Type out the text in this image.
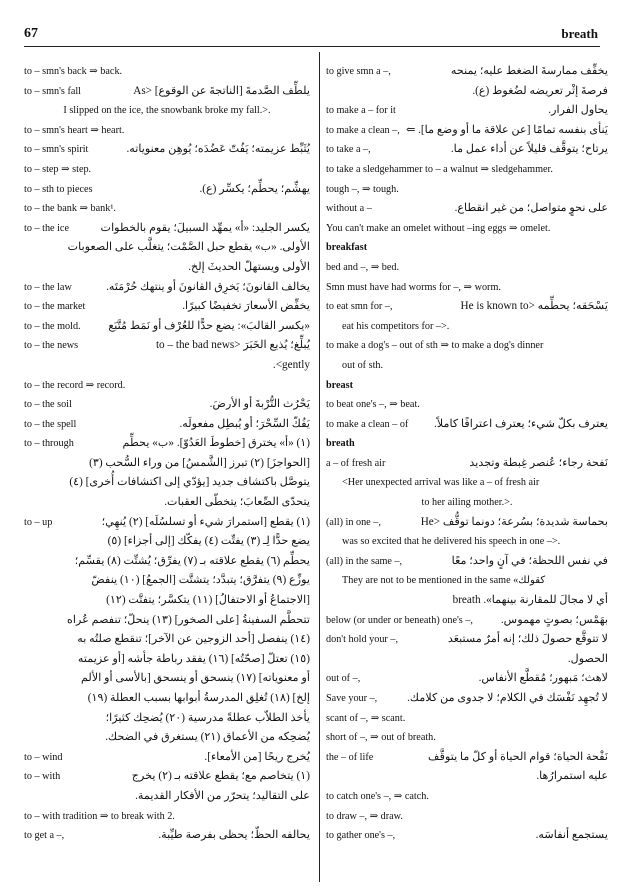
67	breath
to – smn's back ⇒ back.
to – smn's fall	يلطِّف الصَّدمةَ [الناتجةَ عن الوقوع] <As
I slipped on the ice, the snowbank broke my fall.>.
to – smn's heart ⇒ heart.
to – smn's spirit	يُثَبِّط عزيمته؛ يَفُتّ عَضُدَه؛ يُوهِن معنوياته.
to – step ⇒ step.
to – sth to pieces	يهشِّم؛ يحطِّم؛ يكسِّر (ع).
to – the bank ⇒ bank¹.
to – the ice	يكسر الجليد: «أ» يمهِّد السبيلَ؛ يقوم بالخطوات
الأولى. «ب» يقطع حبل الصَّمْت؛ يتغلَّب على الصعوبات
الأولى ويستهلّ الحديثَ إلخ.
to – the law	يخالف القانونَ؛ يَخرِق القانونَ أو ينتهك حُرْمَتَه.
to – the market	يخفِّض الأسعارَ تخفيضًا كبيرًا.
to – the mold. «يكسر القالبَ»: يضع حدًّا للعُرْف أو نَمَط مُتَّبَع
to – the news	يُبلِّغ؛ يُذيع الخَبَرَ <to – the bad news
gently>.
to – the record ⇒ record.
to – the soil	يَحْرُث التُّرْبةَ أو الأرضَ.
to – the spell	يَفُكّ السِّحْرَ؛ أو يُبطِل مفعولَه.
to – through	(١) «أ» يخترق [خطوطَ العَدُوّ]. «ب» يحطِّم
[الحواجزَ] (٢) تبرز [الشَّمسُ] من وراء السُّحب (٣)
يتوصَّل باكتشاف جديد [يؤدّي إلى اكتشافات أُخرى] (٤)
يتحدّى الصِّعابَ؛ يتخطّى العقبات.
to – up	(١) يقطع [استمرارَ شيء أو تسلسُلَه] (٢) يُنهِي؛
يضع حدًّا لِـ (٣) يفتِّت (٤) يفكّك [إلى أجزاء] (٥)
يحطِّم (٦) يقطع علاقته بـ (٧) يفرِّق؛ يُشتِّت (٨) يقسِّم؛
يوزِّع (٩) يتفرَّق؛ يتبدَّد؛ يتشتَّت [الجمعُ] (١٠) ينفضّ
[الاجتماعُ أو الاحتفالُ] (١١) يتكسَّر؛ يتفتَّت (١٢)
تتحطَّم السفينةُ [على الصخور] (١٣) ينحلّ؛ تنفصم عُراه
(١٤) ينفصل [أحد الزوجين عن الآخر]؛ تنقطع صلتُه به
(١٥) تعتلّ [صحّتُه] (١٦) يفقد رباطة جأشه [أو عزيمته
أو معنوياته] (١٧) ينسحق أو ينسحق [بالأسى أو الألم
إلخ] (١٨) تُغلِق المدرسةُ أبوابها بسبب العطلة (١٩)
يأخذ الطلاّب عطلةً مدرسية (٢٠) يُضحِك كثيرًا؛
يُضحِكه من الأعماق (٢١) يستغرق في الضحك.
to – wind	يُخرج ريحًا [من الأمعاء].
to – with	(١) يتخاصم مع؛ يقطع علاقته بـ (٢) يخرج
على التقاليد؛ يتحرّر من الأفكار القديمة.
to – with tradition ⇒ to break with 2.
to get a –,	يحالفه الحظّ؛ يحظى بفرصة طيِّبة.
to give smn a –,	يخفِّف ممارسةَ الضغط عليه؛ يمنحه
فرصةَ إثْر تعريضه لضُغوط (ع).
to make a – for it	يحاول الفرار.
to make a clean –, يَنأى بنفسه تمامًا [عن علاقة ما أو وضع ما]. ⇐
to take a –,	يرتاح؛ يتوقَّف قليلاً عن أداء عمل ما.
to take a sledgehammer to – a walnut ⇒ sledgehammer.
tough –, ⇒ tough.
without a –	على نحوٍ متواصل؛ من غير انقطاع.
You can't make an omelet without –ing eggs ⇒ omelet.
breakfast
bed and –, ⇒ bed.
Smn must have had worms for –, ⇒ worm.
to eat smn for –,	يَسْحَقه؛ يحطِّمه <He is known to
eat his competitors for –>.
to make a dog's – out of sth ⇒ to make a dog's dinner
out of sth.
breast
to beat one's –, ⇒ beat.
to make a clean – of يعترف بكلّ شيء؛ يعترف اعترافًا كاملاً.
breath
a – of fresh air	نَفحة رجاء؛ عُنصر غِبطة وتجديد
<Her unexpected arrival was like a – of fresh air
to her ailing mother.>.
(all) in one –,	بحماسة شديدة؛ بسُرعة؛ دونما توقُّف <He
was so excited that he delivered his speech in one –>.
(all) in the same –,	في نفس اللحظة؛ في آنٍ واحد؛ معًا
They are not to be mentioned in the same «كقولك
أي لا مجالَ للمقارنة بينهما». breath
below (or under or beneath) one's –, بهَمْس؛ بصوتٍ مهموس.
don't hold your –,	لا تتوقَّع حصولَ ذلك؛ إنه أمرٌ مستبعَد
الحصول.
out of –,	لاهث؛ مَبهور؛ مُقطَّع الأنفاس.
Save your –,	لا تُجهِد نَفْسَك في الكلام؛ لا جدوى من كلامك.
scant of –, ⇒ scant.
short of –, ⇒ out of breath.
the – of life	نَفْحة الحياة؛ قوام الحياة أو كلّ ما يتوقَّف
عليه استمرارُها.
to catch one's –, ⇒ catch.
to draw –, ⇒ draw.
to gather one's –,	يستجمع أنفاسَه.
